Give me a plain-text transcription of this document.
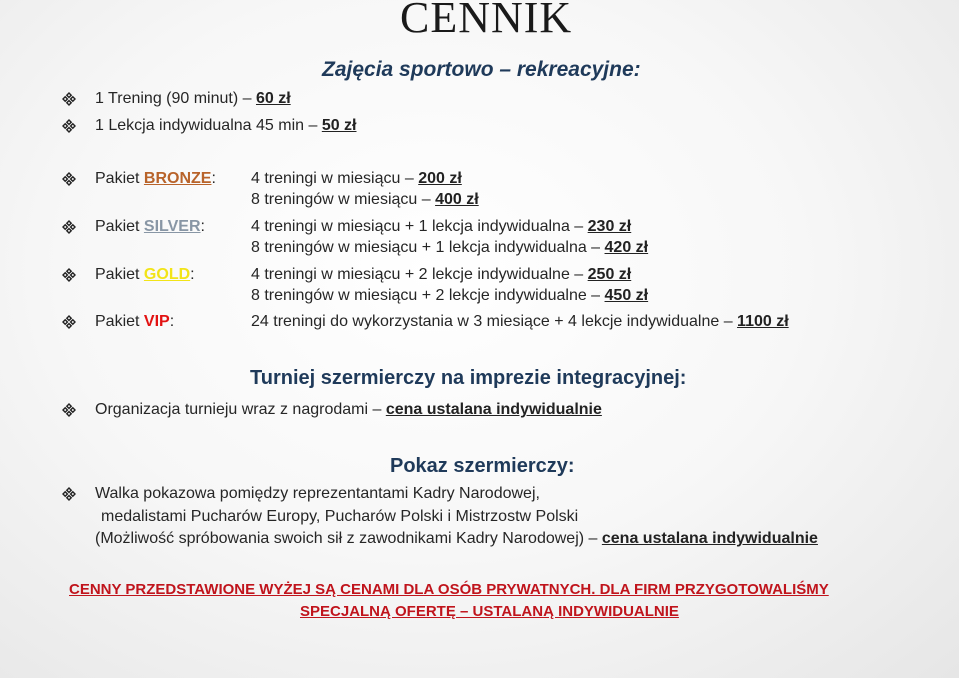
CENNIK
Zajęcia sportowo – rekreacyjne:
1 Trening (90 minut) – 60 zł
1 Lekcja indywidualna 45 min – 50 zł
Pakiet BRONZE: 4 treningi w miesiącu – 200 zł
8 treningów w miesiącu – 400 zł
Pakiet SILVER:	4 treningi w miesiącu + 1 lekcja indywidualna – 230 zł
8 treningów w miesiącu + 1 lekcja indywidualna – 420 zł
Pakiet GOLD:	4 treningi w miesiącu + 2 lekcje indywidualne – 250 zł
8 treningów w miesiącu + 2 lekcje indywidualne – 450 zł
Pakiet VIP:	24 treningi do wykorzystania w 3 miesiące + 4 lekcje indywidualne – 1100 zł
Turniej szermierczy na imprezie integracyjnej:
Organizacja turnieju wraz z nagrodami – cena ustalana indywidualnie
Pokaz szermierczy:
Walka pokazowa pomiędzy reprezentantami Kadry Narodowej,
medalistami Pucharów Europy, Pucharów Polski i Mistrzostw Polski
(Możliwość spróbowania swoich sił z zawodnikami Kadry Narodowej) – cena ustalana indywidualnie
CENNY PRZEDSTAWIONE WYŻEJ SĄ CENAMI DLA OSÓB PRYWATNYCH. DLA FIRM PRZYGOTOWALIŚMY
SPECJALNĄ OFERTĘ – USTALANĄ INDYWIDUALNIE
